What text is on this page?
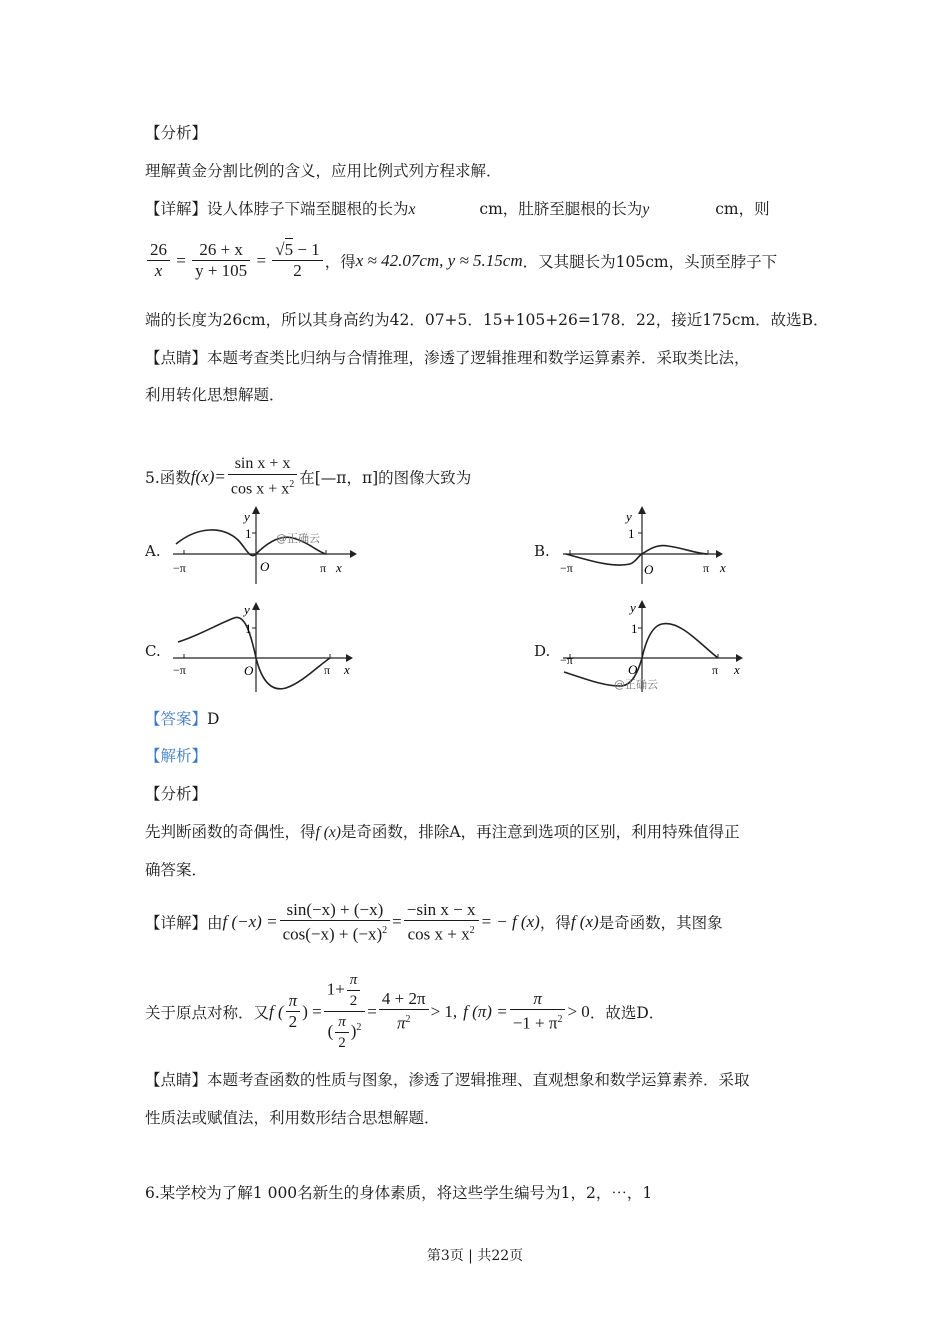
【分析】
理解黄金分割比例的含义，应用比例式列方程求解．
【详解】设人体脖子下端至腿根的长为x	cm，肚脐至腿根的长为y	cm，则
$\frac{26}{x} = \frac{26 + x}{y + 105} = \frac{√5 - 1}{2}$ ，得 x ≈ 42.07cm, y ≈ 5.15cm ．又其腿长为105cm，头顶至脖子下
端的长度为26cm，所以其身高约为42．07+5．15+105+26=178．22，接近175cm．故选B．
【点睛】本题考查类比归纳与合情推理，渗透了逻辑推理和数学运算素养．采取类比法，
利用转化思想解题．
5.函数 $f(x)= \frac{\text{sin x + x}}{\cos x + x^2}$ 在[—π，π]的图像大致为
A.	B.
C.	D.
y
1
O
−π	π x
@正确云
y
1
O
−π	π x
y
1
O
−π	π x
y
1
O
−π
π x
@正确云
【答案】D
【解析】
【分析】
先判断函数的奇偶性，得f (x)是奇函数，排除A，再注意到选项的区别，利用特殊值得正
确答案．
【详解】 由 f $(-x) = \frac{\sin(-x) + (-x)}{\cos(-x) + (-x)^2} = \frac{\text{−sin x − x}}{\cos x + x^2}$ = − f (x) ，得 f (x) 是奇函数，其图象
关于原点对称．又 f ( $\frac{\pi}{2}$ ) = $\frac{1+ \frac{\pi}{2}}{( \frac{\pi}{2} )^2} = \frac{4 + 2\pi}{\pi^2} > 1$, f $(\pi) = \frac{\pi}{-1 + \pi^2} > 0$ ．故选D．
【点睛】本题考查函数的性质与图象，渗透了逻辑推理、直观想象和数学运算素养．采取
性质法或赋值法，利用数形结合思想解题．
6.某学校为了解1 000名新生的身体素质，将这些学生编号为1，2，⋯，1
第3页 | 共22页
